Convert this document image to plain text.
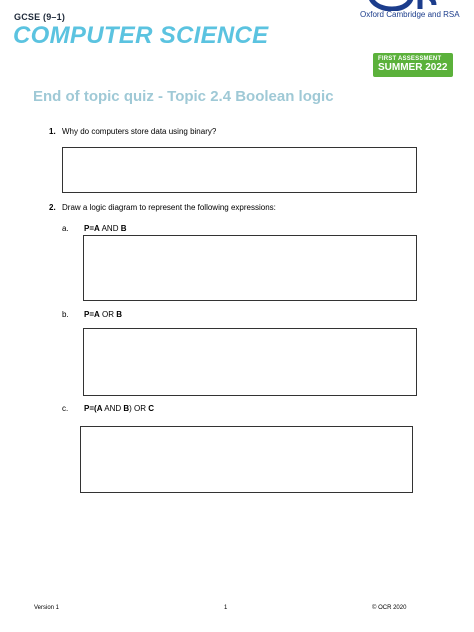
GCSE (9–1)
COMPUTER SCIENCE
Oxford Cambridge and RSA
FIRST ASSESSMENT
SUMMER 2022
End of topic quiz - Topic 2.4 Boolean logic
1. Why do computers store data using binary?
2. Draw a logic diagram to represent the following expressions:
a. P=A AND B
b. P=A OR B
c. P=(A AND B) OR C
Version 1	1	© OCR 2020
